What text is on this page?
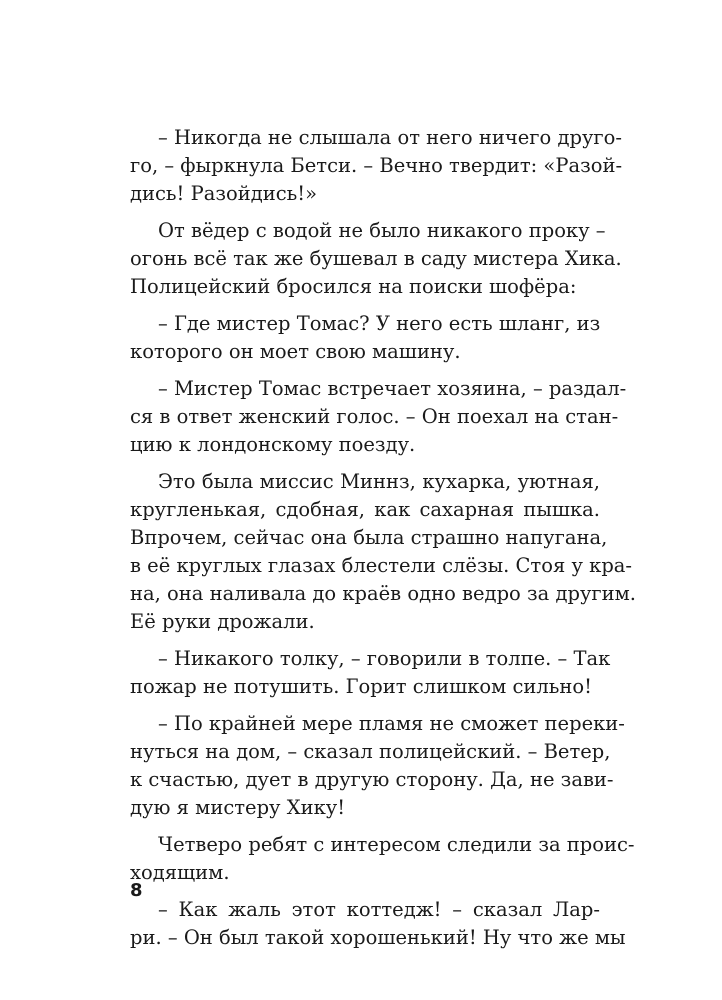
– Никогда не слышала от него ничего друго-
го, – фыркнула Бетси. – Вечно твердит: «Разой-
дись! Разойдись!»
От вёдер с водой не было никакого проку –
огонь всё так же бушевал в саду мистера Хика.
Полицейский бросился на поиски шофёра:
– Где мистер Томас? У него есть шланг, из
которого он моет свою машину.
– Мистер Томас встречает хозяина, – раздал-
ся в ответ женский голос. – Он поехал на стан-
цию к лондонскому поезду.
Это была миссис Миннз, кухарка, уютная,
кругленькая, сдобная, как сахарная пышка.
Впрочем, сейчас она была страшно напугана,
в её круглых глазах блестели слёзы. Стоя у кра-
на, она наливала до краёв одно ведро за другим.
Её руки дрожали.
– Никакого толку, – говорили в толпе. – Так
пожар не потушить. Горит слишком сильно!
– По крайней мере пламя не сможет переки-
нуться на дом, – сказал полицейский. – Ветер,
к счастью, дует в другую сторону. Да, не зави-
дую я мистеру Хику!
Четверо ребят с интересом следили за проис-
ходящим.
– Как жаль этот коттедж! – сказал Лар-
ри. – Он был такой хорошенький! Ну что же мы
8
